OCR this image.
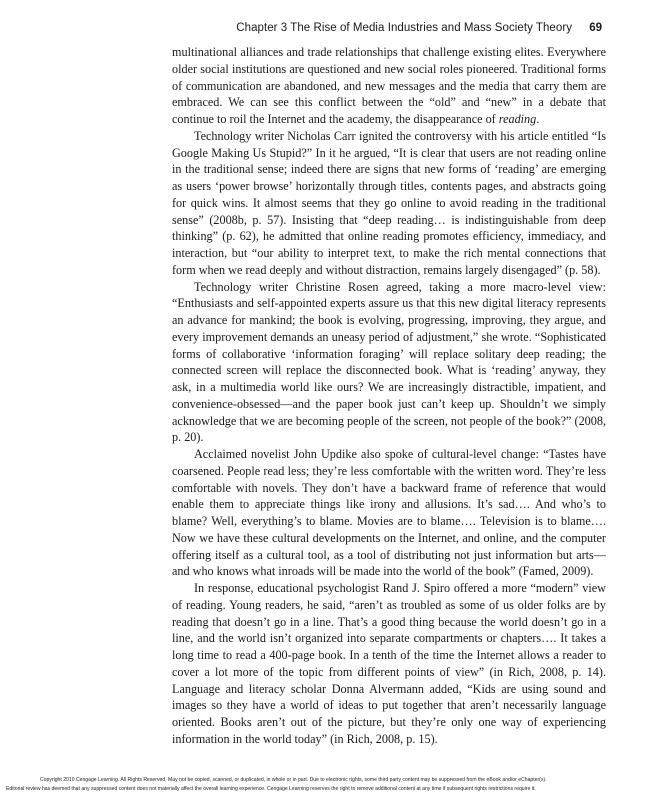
Chapter 3 The Rise of Media Industries and Mass Society Theory 69

multinational alliances and trade relationships that challenge existing elites. Everywhere older social institutions are questioned and new social roles pioneered. Traditional forms of communication are abandoned, and new messages and the media that carry them are embraced. We can see this conflict between the “old” and “new” in a debate that continue to roil the Internet and the academy, the disappearance of reading.

Technology writer Nicholas Carr ignited the controversy with his article entitled “Is Google Making Us Stupid?” In it he argued, “It is clear that users are not reading online in the traditional sense; indeed there are signs that new forms of ‘reading’ are emerging as users ‘power browse’ horizontally through titles, contents pages, and abstracts going for quick wins. It almost seems that they go online to avoid reading in the traditional sense” (2008b, p. 57). Insisting that “deep reading… is indistinguishable from deep thinking” (p. 62), he admitted that online reading promotes efficiency, immediacy, and interaction, but “our ability to interpret text, to make the rich mental connections that form when we read deeply and without distraction, remains largely disengaged” (p. 58).

Technology writer Christine Rosen agreed, taking a more macro-level view: “Enthusiasts and self-appointed experts assure us that this new digital literacy represents an advance for mankind; the book is evolving, progressing, improving, they argue, and every improvement demands an uneasy period of adjustment,” she wrote. “Sophisticated forms of collaborative ‘information foraging’ will replace solitary deep reading; the connected screen will replace the disconnected book. What is ‘reading’ anyway, they ask, in a multimedia world like ours? We are increasingly distractible, impatient, and convenience-obsessed—and the paper book just can’t keep up. Shouldn’t we simply acknowledge that we are becoming people of the screen, not people of the book?” (2008, p. 20).

Acclaimed novelist John Updike also spoke of cultural-level change: “Tastes have coarsened. People read less; they’re less comfortable with the written word. They’re less comfortable with novels. They don’t have a backward frame of reference that would enable them to appreciate things like irony and allusions. It’s sad…. And who’s to blame? Well, everything’s to blame. Movies are to blame…. Television is to blame…. Now we have these cultural developments on the Internet, and online, and the computer offering itself as a cultural tool, as a tool of distributing not just information but arts—and who knows what inroads will be made into the world of the book” (Famed, 2009).

In response, educational psychologist Rand J. Spiro offered a more “modern” view of reading. Young readers, he said, “aren’t as troubled as some of us older folks are by reading that doesn’t go in a line. That’s a good thing because the world doesn’t go in a line, and the world isn’t organized into separate compartments or chapters…. It takes a long time to read a 400-page book. In a tenth of the time the Internet allows a reader to cover a lot more of the topic from different points of view” (in Rich, 2008, p. 14). Language and literacy scholar Donna Alvermann added, “Kids are using sound and images so they have a world of ideas to put together that aren’t necessarily language oriented. Books aren’t out of the picture, but they’re only one way of experiencing information in the world today” (in Rich, 2008, p. 15).

Copyright 2010 Cengage Learning. All Rights Reserved. May not be copied, scanned, or duplicated, in whole or in part. Due to electronic rights, some third party content may be suppressed from the eBook and/or eChapter(s).
Editorial review has deemed that any suppressed content does not materially affect the overall learning experience. Cengage Learning reserves the right to remove additional content at any time if subsequent rights restrictions require it.
